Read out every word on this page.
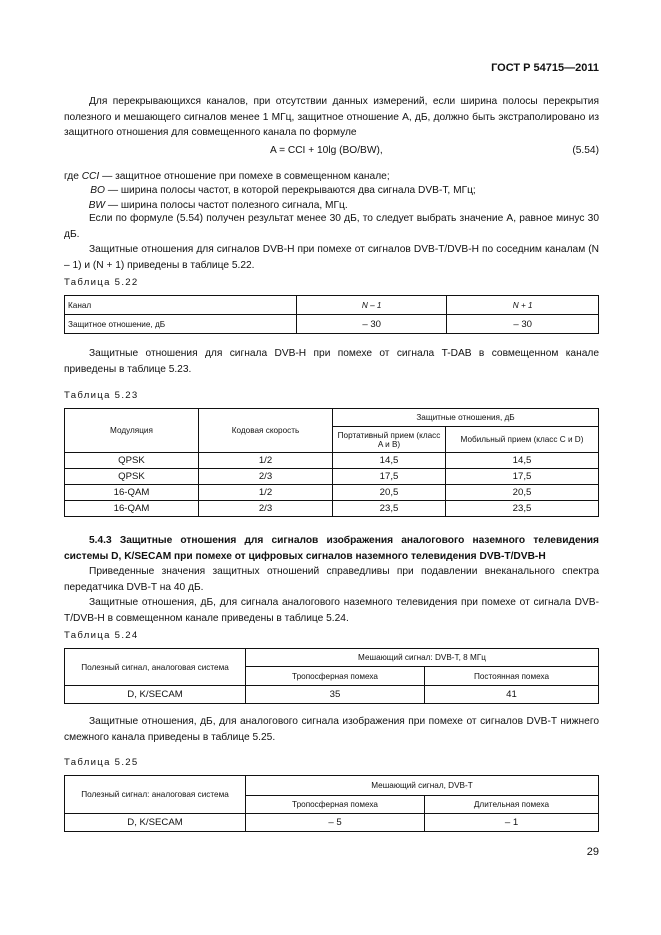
ГОСТ Р 54715—2011

Для перекрывающихся каналов, при отсутствии данных измерений, если ширина полосы перекрытия полезного и мешающего сигналов менее 1 МГц, защитное отношение A, дБ, должно быть экстраполировано из защитного отношения для совмещенного канала по формуле

A = CCI + 10lg (BO/BW),	(5.54)
где CCI — защитное отношение при помехе в совмещенном канале;
BO — ширина полосы частот, в которой перекрываются два сигнала DVB-T, МГц;
BW — ширина полосы частот полезного сигнала, МГц.

Если по формуле (5.54) получен результат менее 30 дБ, то следует выбрать значение A, равное минус 30 дБ.

Защитные отношения для сигналов DVB-H при помехе от сигналов DVB-T/DVB-H по соседним каналам (N – 1) и (N + 1) приведены в таблице 5.22.

Таблица 5.22
Канал	N – 1	N + 1
Защитное отношение, дБ	– 30	– 30

Защитные отношения для сигнала DVB-H при помехе от сигнала T-DAB в совмещенном канале приведены в таблице 5.23.

Таблица 5.23
Модуляция	Кодовая скорость	Защитные отношения, дБ	
		Портативный прием (класс A и B)	Мобильный прием (класс C и D)
QPSK	1/2	14,5	14,5
QPSK	2/3	17,5	17,5
16-QAM	1/2	20,5	20,5
16-QAM	2/3	23,5	23,5

5.4.3 Защитные отношения для сигналов изображения аналогового наземного телевидения системы D, K/SECAM при помехе от цифровых сигналов наземного телевидения DVB-T/DVB-H

Приведенные значения защитных отношений справедливы при подавлении внеканального спектра передатчика DVB-T на 40 дБ.

Защитные отношения, дБ, для сигнала аналогового наземного телевидения при помехе от сигнала DVB-T/DVB-H в совмещенном канале приведены в таблице 5.24.

Таблица 5.24
Полезный сигнал, аналоговая система	Мешающий сигнал: DVB-T, 8 МГц	
	Тропосферная помеха	Постоянная помеха
D, K/SECAM	35	41

Защитные отношения, дБ, для аналогового сигнала изображения при помехе от сигналов DVB-T нижнего смежного канала приведены в таблице 5.25.

Таблица 5.25
Полезный сигнал: аналоговая система	Мешающий сигнал, DVB-T	
	Тропосферная помеха	Длительная помеха
D, K/SECAM	– 5	– 1
29
